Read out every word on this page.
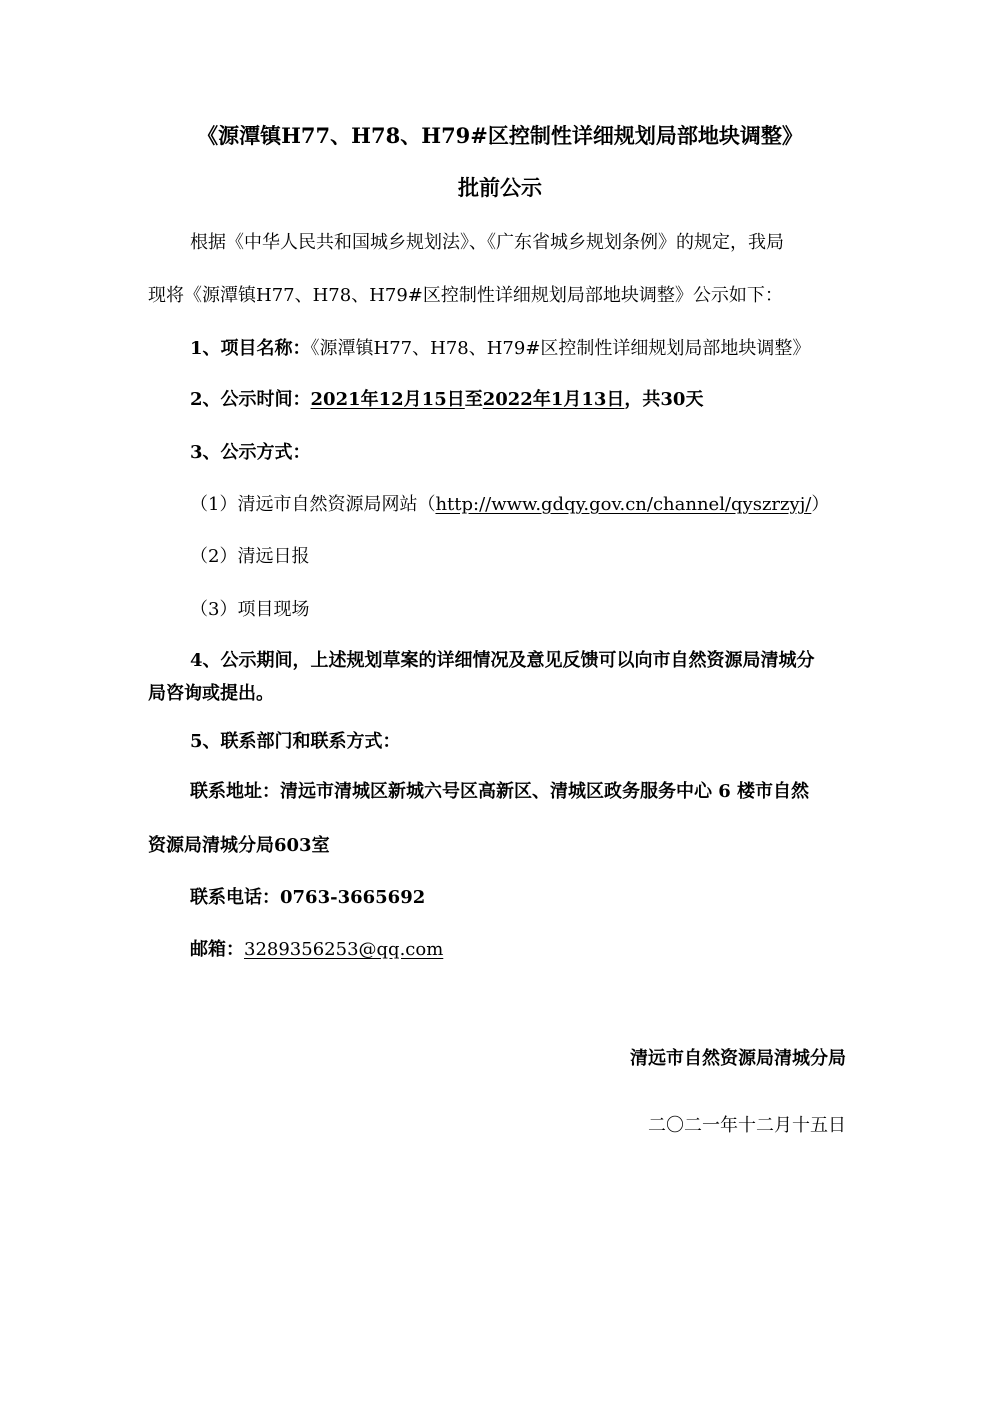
《源潭镇H77、H78、H79#区控制性详细规划局部地块调整》
批前公示
根据《中华人民共和国城乡规划法》、《广东省城乡规划条例》的规定，我局
现将《源潭镇H77、H78、H79#区控制性详细规划局部地块调整》公示如下：
1、项目名称：《源潭镇H77、H78、H79#区控制性详细规划局部地块调整》
2、公示时间：2021年12月15日至2022年1月13日，共30天
3、公示方式：
（1）清远市自然资源局网站（http://www.gdqy.gov.cn/channel/qyszrzyj/）
（2）清远日报
（3）项目现场
4、公示期间，上述规划草案的详细情况及意见反馈可以向市自然资源局清城分
局咨询或提出。
5、联系部门和联系方式：
联系地址：清远市清城区新城六号区高新区、清城区政务服务中心 6 楼市自然
资源局清城分局603室
联系电话：0763-3665692
邮箱：3289356253@qq.com
清远市自然资源局清城分局
二〇二一年十二月十五日
